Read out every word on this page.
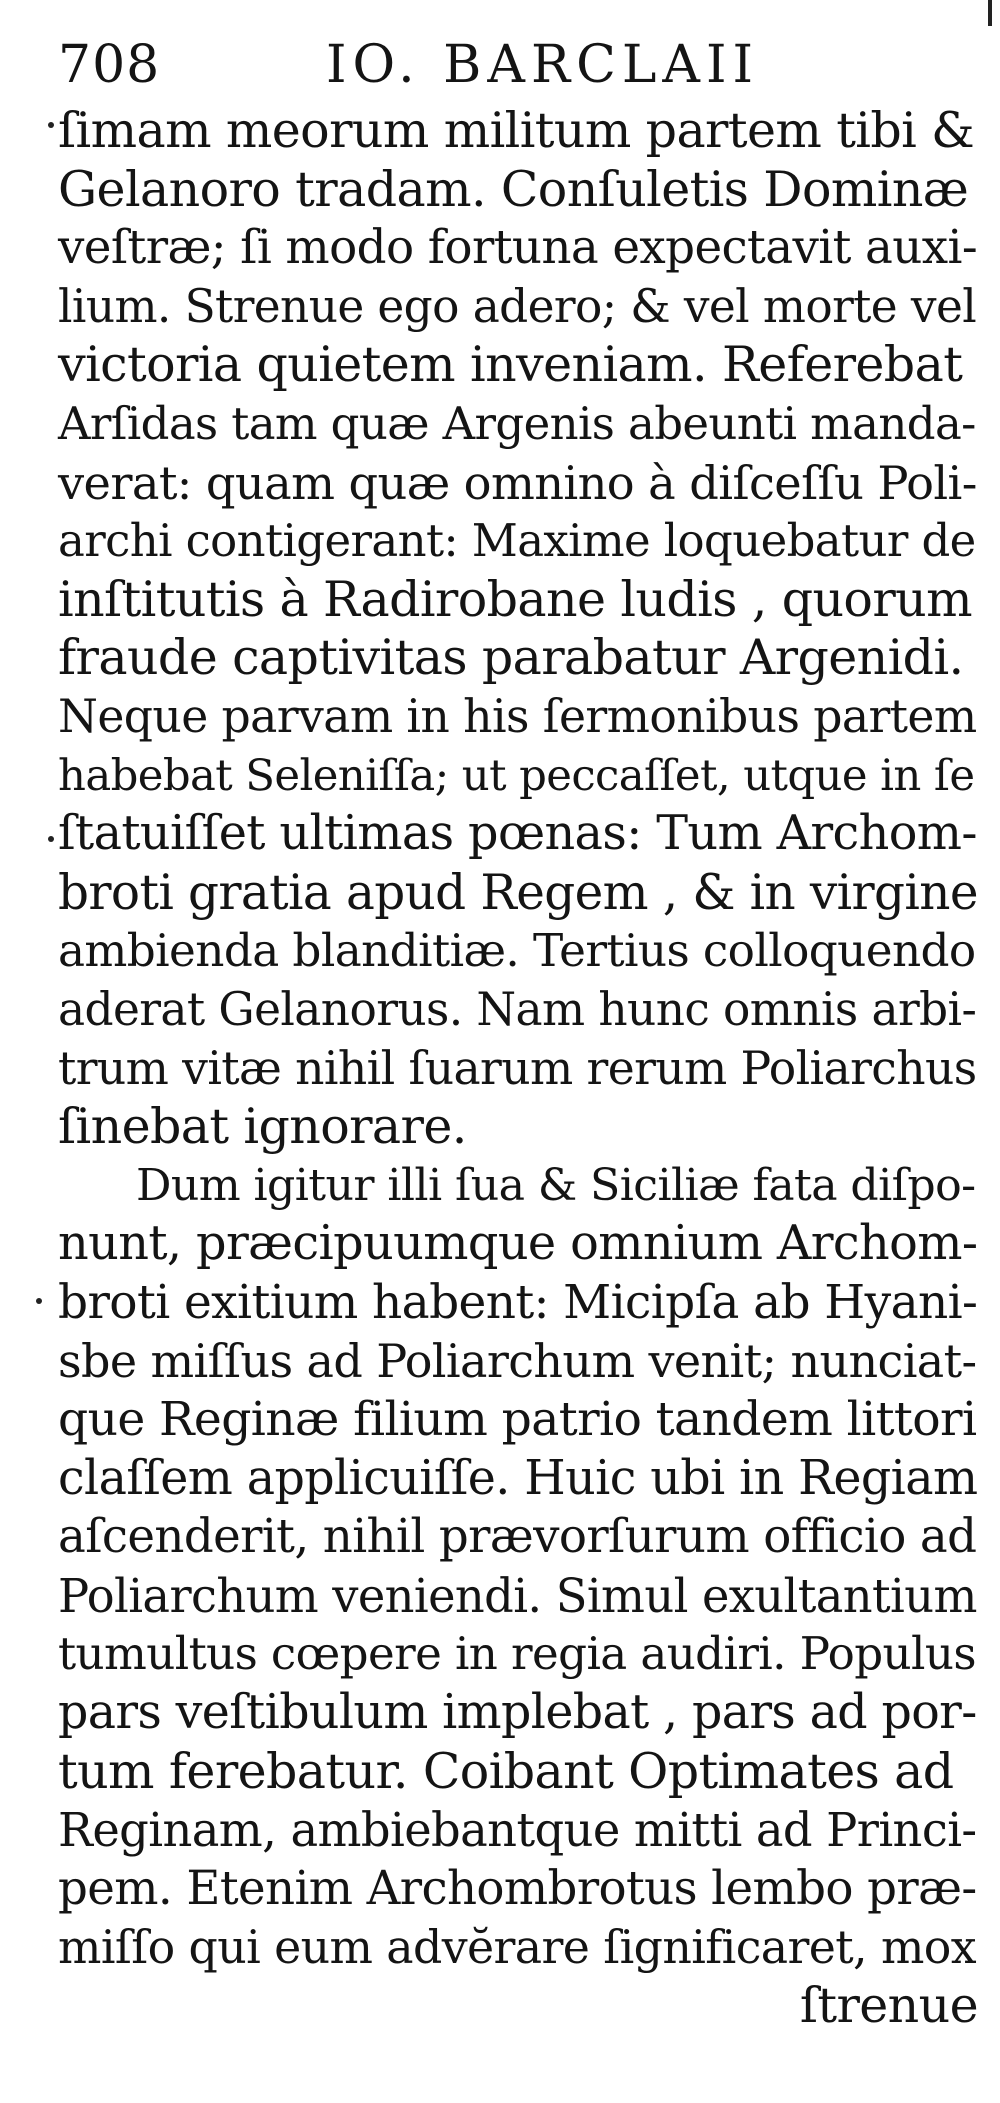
708	IO. BARCLAII
ſimam meorum militum partem tibi &
Gelanoro tradam. Conſuletis Dominæ
veſtræ; ſi modo fortuna expectavit auxi-
lium. Strenue ego adero; & vel morte vel
victoria quietem inveniam. Referebat
Arſidas tam quæ Argenis abeunti manda-
verat: quam quæ omnino à diſceſſu Poli-
archi contigerant: Maxime loquebatur de
inſtitutis à Radirobane ludis , quorum
fraude captivitas parabatur Argenidi.
Neque parvam in his ſermonibus partem
habebat Seleniſſa; ut peccaſſet, utque in ſe
ſtatuiſſet ultimas pœnas: Tum Archom-
broti gratia apud Regem , & in virgine
ambienda blanditiæ. Tertius colloquendo
aderat Gelanorus. Nam hunc omnis arbi-
trum vitæ nihil ſuarum rerum Poliarchus
ſinebat ignorare.
Dum igitur illi ſua & Siciliæ fata diſpo-
nunt, præcipuumque omnium Archom-
broti exitium habent: Micipſa ab Hyani-
sbe miſſus ad Poliarchum venit; nunciat-
que Reginæ filium patrio tandem littori
claſſem applicuiſſe. Huic ubi in Regiam
aſcenderit, nihil prævorſurum officio ad
Poliarchum veniendi. Simul exultantium
tumultus cœpere in regia audiri. Populus
pars veſtibulum implebat , pars ad por-
tum ferebatur. Coibant Optimates ad
Reginam, ambiebantque mitti ad Princi-
pem. Etenim Archombrotus lembo præ-
miſſo qui eum advĕrare ſignificaret, mox
ſtrenue
